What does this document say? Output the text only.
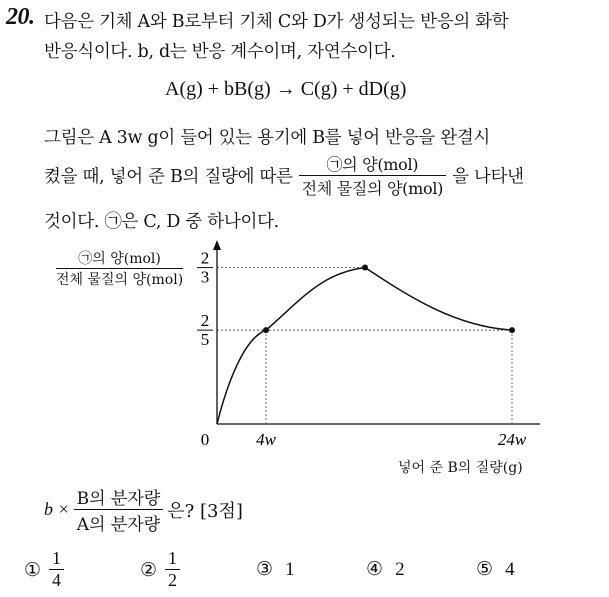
20. 다음은 기체 A와 B로부터 기체 C와 D가 생성되는 반응의 화학
반응식이다. b, d는 반응 계수이며, 자연수이다.
A(g) + bB(g) → C(g) + dD(g)
그림은 A 3w g이 들어 있는 용기에 B를 넣어 반응을 완결시
켰을 때, 넣어 준 B의 질량에 따른 $\frac{\text{㉠의 양(mol)}}{\text{전체 물질의 양(mol)}}$ 을 나타낸
것이다. ㉠은 C, D 중 하나이다.
㉠의 양(mol)
전체 물질의 양(mol)
2
3
2
5
0	4w	24w
넣어 준 B의 질량(g)
$b \times \frac{\text{B의 분자량}}{\text{A의 분자량}}$ 은? [3점]
① $\frac{1}{4}$	② $\frac{1}{2}$	③ 1	④ 2	⑤ 4
